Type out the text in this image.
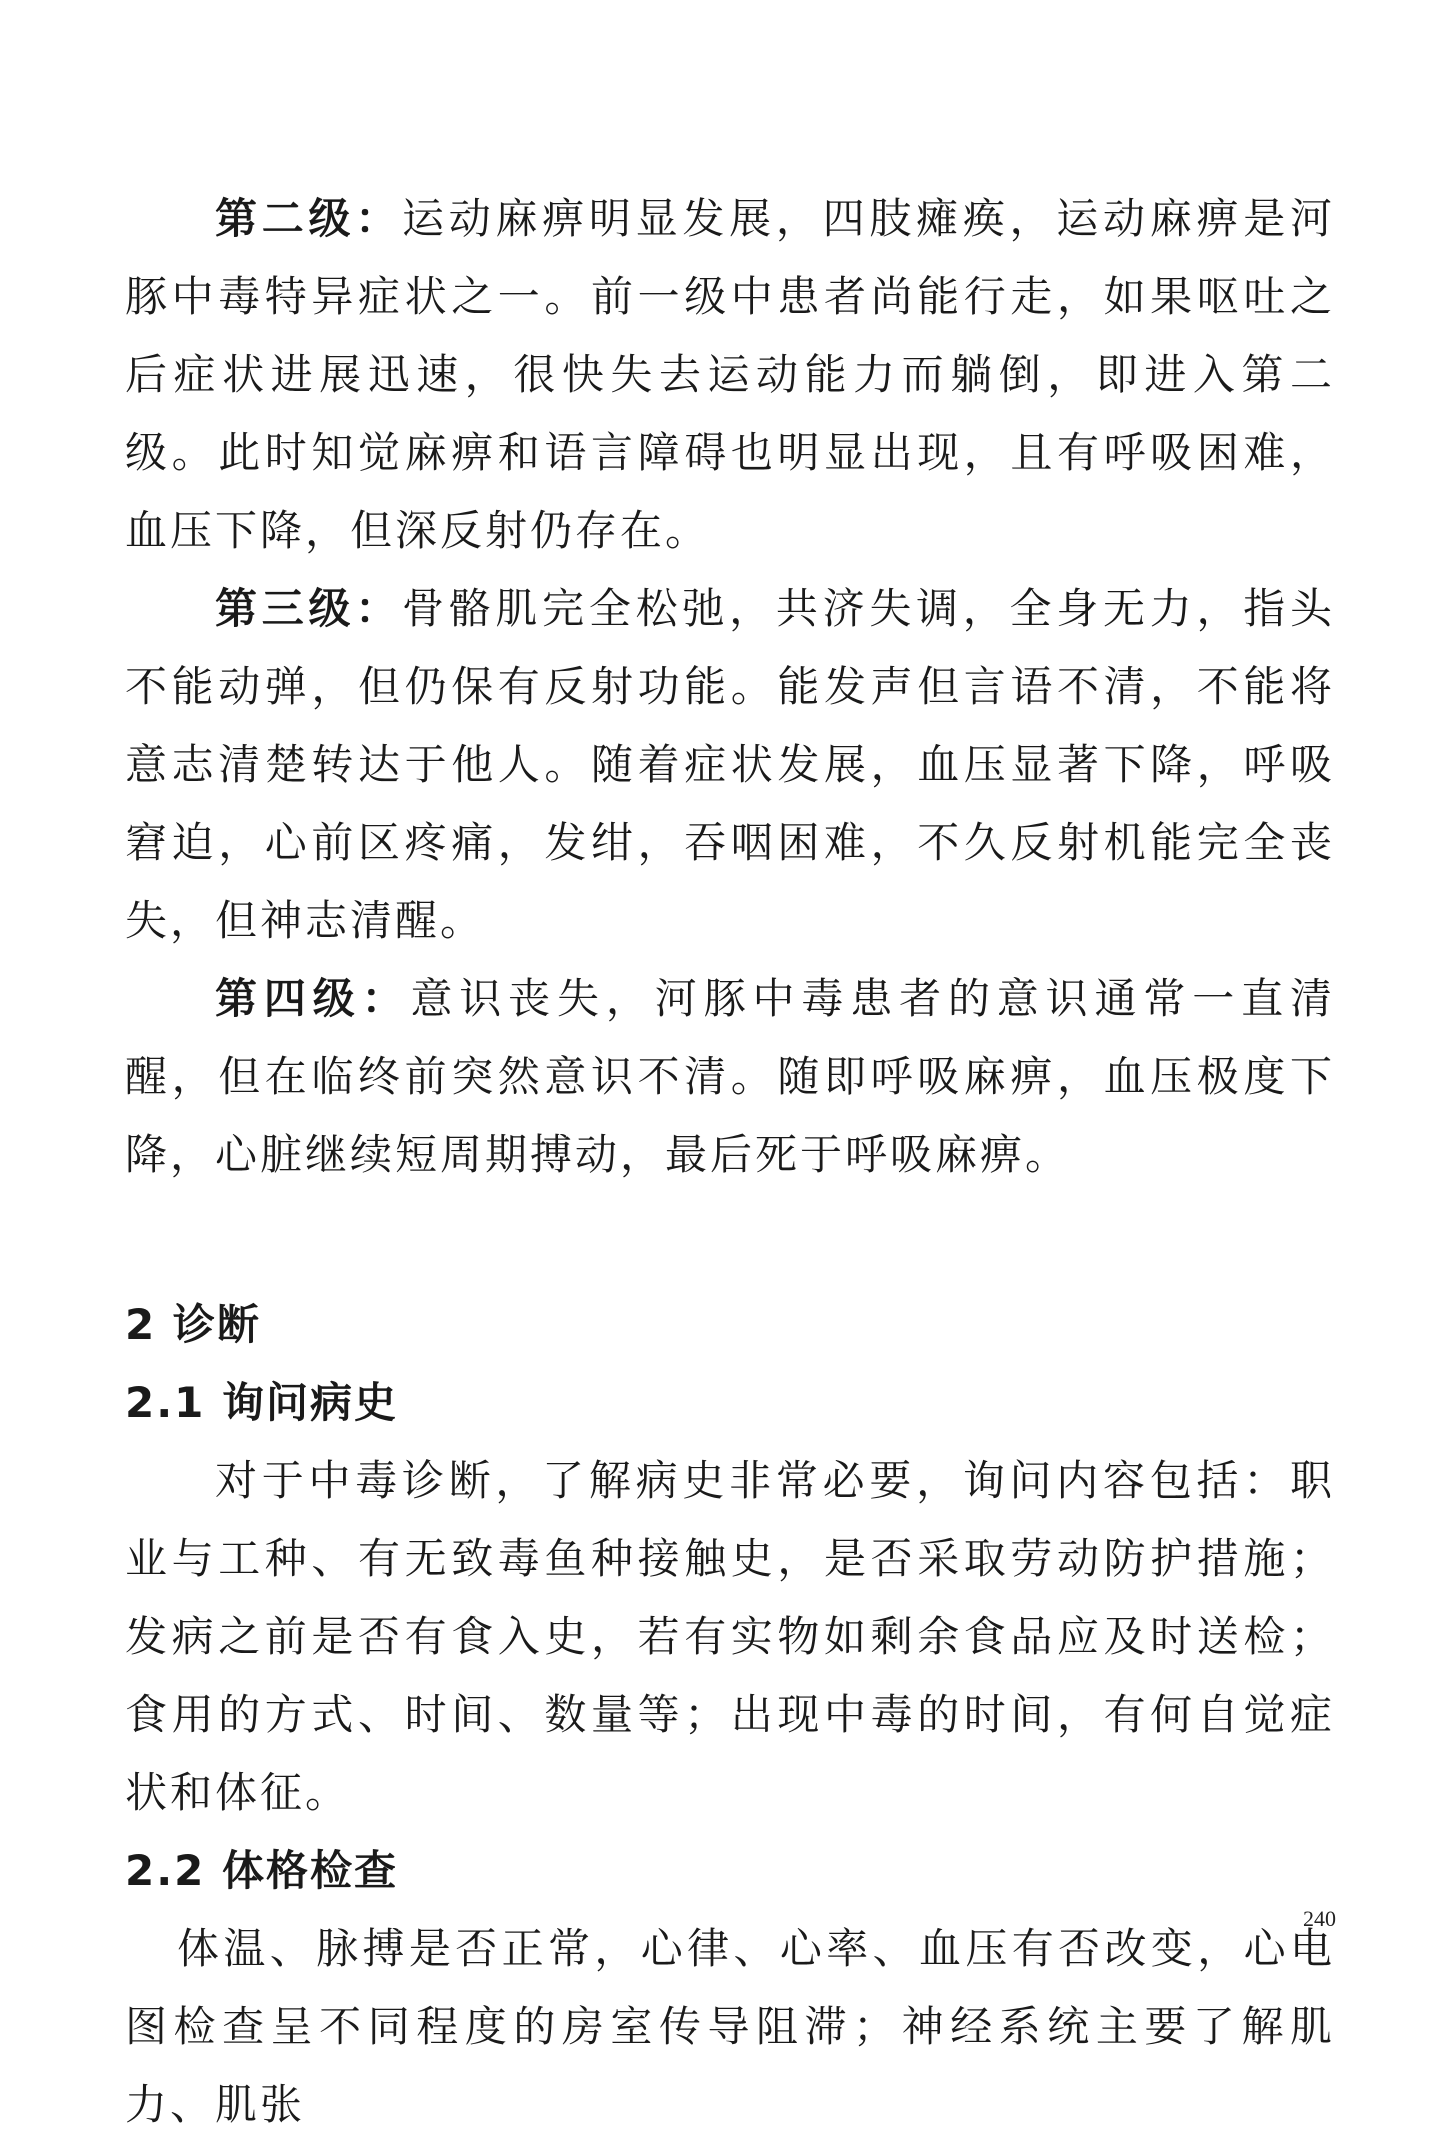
第二级：运动麻痹明显发展，四肢瘫痪，运动麻痹是河豚中毒特异症状之一。前一级中患者尚能行走，如果呕吐之后症状进展迅速，很快失去运动能力而躺倒，即进入第二级。此时知觉麻痹和语言障碍也明显出现，且有呼吸困难，血压下降，但深反射仍存在。

第三级：骨骼肌完全松弛，共济失调，全身无力，指头不能动弹，但仍保有反射功能。能发声但言语不清，不能将意志清楚转达于他人。随着症状发展，血压显著下降，呼吸窘迫，心前区疼痛，发绀，吞咽困难，不久反射机能完全丧失，但神志清醒。

第四级：意识丧失，河豚中毒患者的意识通常一直清醒，但在临终前突然意识不清。随即呼吸麻痹，血压极度下降，心脏继续短周期搏动，最后死于呼吸麻痹。

2 诊断
2.1 询问病史

对于中毒诊断，了解病史非常必要，询问内容包括：职业与工种、有无致毒鱼种接触史，是否采取劳动防护措施；发病之前是否有食入史，若有实物如剩余食品应及时送检；食用的方式、时间、数量等；出现中毒的时间，有何自觉症状和体征。

2.2 体格检查

体温、脉搏是否正常，心律、心率、血压有否改变，心电图检查呈不同程度的房室传导阻滞；神经系统主要了解肌力、肌张

240
